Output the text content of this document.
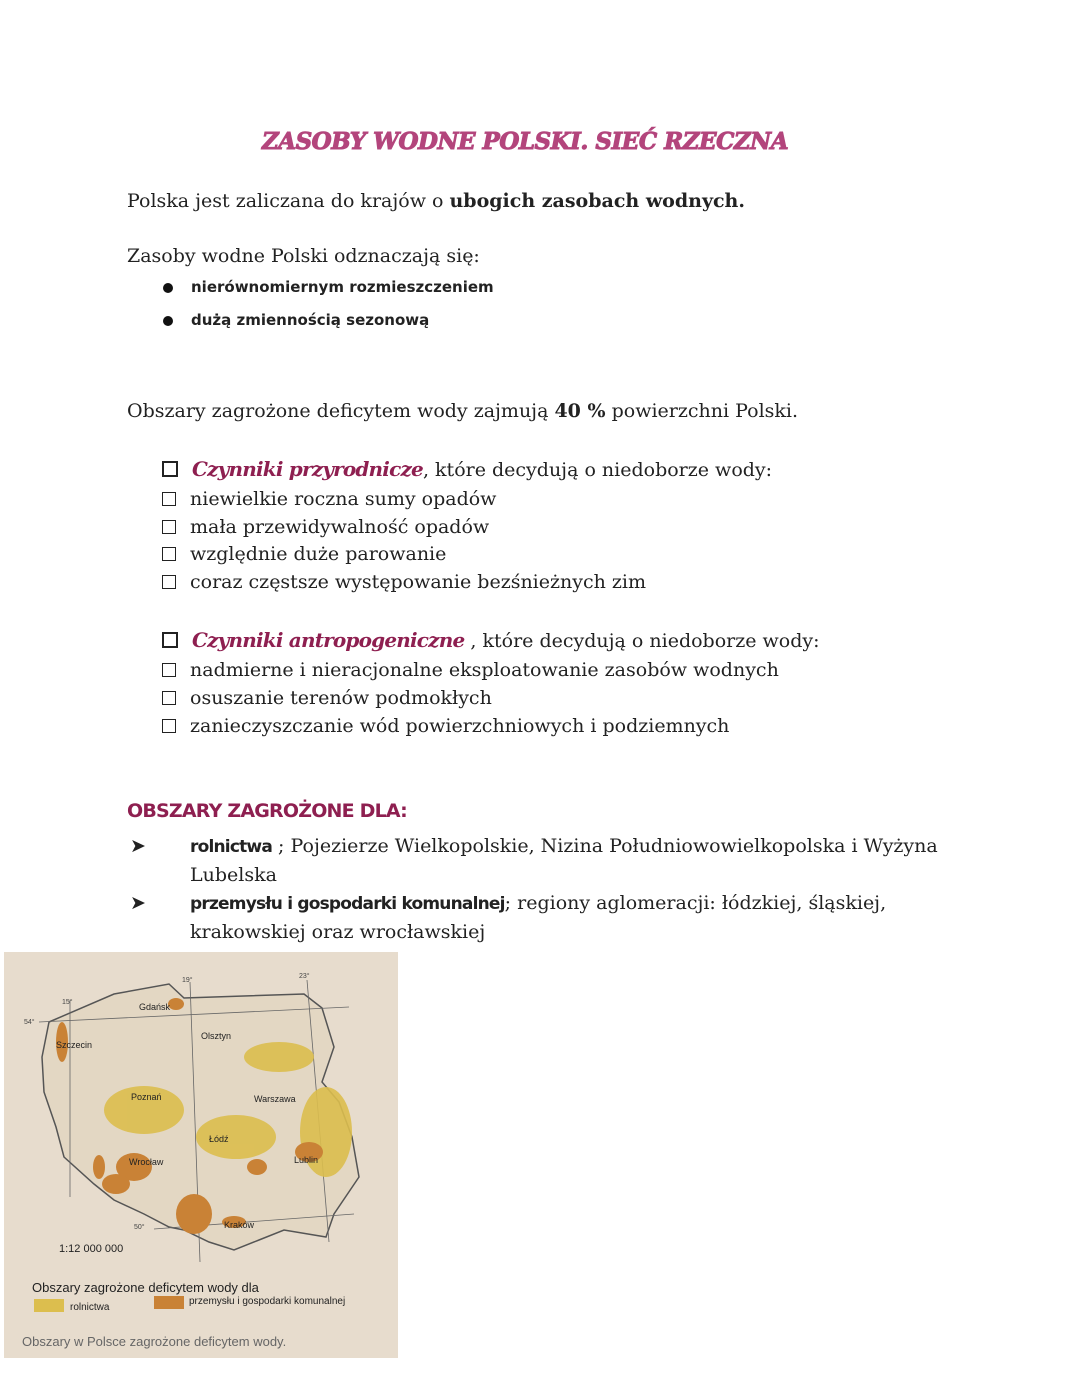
ZASOBY WODNE POLSKI. SIEĆ RZECZNA
Polska jest zaliczana do krajów o ubogich zasobach wodnych.
Zasoby wodne Polski odznaczają się:
nierównomiernym rozmieszczeniem
dużą zmiennością sezonową
Obszary zagrożone deficytem wody zajmują 40 % powierzchni Polski.
Czynniki przyrodnicze, które decydują o niedoborze wody:
niewielkie roczna sumy opadów
mała przewidywalność opadów
względnie duże parowanie
coraz częstsze występowanie bezśnieżnych zim
Czynniki antropogeniczne , które decydują o niedoborze wody:
nadmierne i nieracjonalne eksploatowanie zasobów wodnych
osuszanie terenów podmokłych
zanieczyszczanie wód powierzchniowych i podziemnych
OBSZARY ZAGROŻONE DLA:
➤	rolnictwa ; Pojezierze Wielkopolskie, Nizina Południowowielkopolska i Wyżyna Lubelska
➤	przemysłu i gospodarki komunalnej; regiony aglomeracji: łódzkiej, śląskiej, krakowskiej oraz wrocławskiej
Gdańsk
Szczecin
Olsztyn
Poznań	Warszawa
Łódź
Wrocław	Lublin
Kraków
15°
19°
23°
54°
50°
1:12 000 000
Obszary zagrożone deficytem wody dla
rolnictwa
przemysłu i gospodarki komunalnej
Obszary w Polsce zagrożone deficytem wody.
